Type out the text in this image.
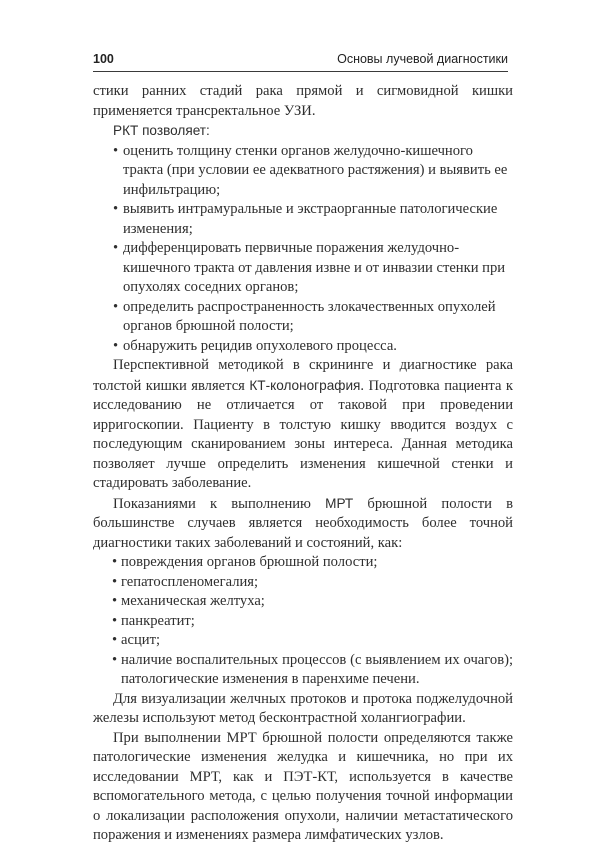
100	Основы лучевой диагностики

стики ранних стадий рака прямой и сигмовидной кишки применяется трансректальное УЗИ.

РКТ позволяет:

• оценить толщину стенки органов желудочно-кишечного тракта (при условии ее адекватного растяжения) и выявить ее инфильтрацию;
• выявить интрамуральные и экстраорганные патологические изменения;
• дифференцировать первичные поражения желудочно-кишечного тракта от давления извне и от инвазии стенки при опухолях соседних органов;
• определить распространенность злокачественных опухолей органов брюшной полости;
• обнаружить рецидив опухолевого процесса.

Перспективной методикой в скрининге и диагностике рака толстой кишки является КТ-колонография. Подготовка пациента к исследованию не отличается от таковой при проведении ирригоскопии. Пациенту в толстую кишку вводится воздух с последующим сканированием зоны интереса. Данная методика позволяет лучше определить изменения кишечной стенки и стадировать заболевание.

Показаниями к выполнению МРТ брюшной полости в большинстве случаев является необходимость более точной диагностики таких заболеваний и состояний, как:

• повреждения органов брюшной полости;
• гепатоспленомегалия;
• механическая желтуха;
• панкреатит;
• асцит;
• наличие воспалительных процессов (с выявлением их очагов); патологические изменения в паренхиме печени.

Для визуализации желчных протоков и протока поджелудочной железы используют метод бесконтрастной холангиографии.

При выполнении МРТ брюшной полости определяются также патологические изменения желудка и кишечника, но при их исследовании МРТ, как и ПЭТ-КТ, используется в качестве вспомогательного метода, с целью получения точной информации о локализации расположения опухоли, наличии метастатического поражения и изменениях размера лимфатических узлов.
